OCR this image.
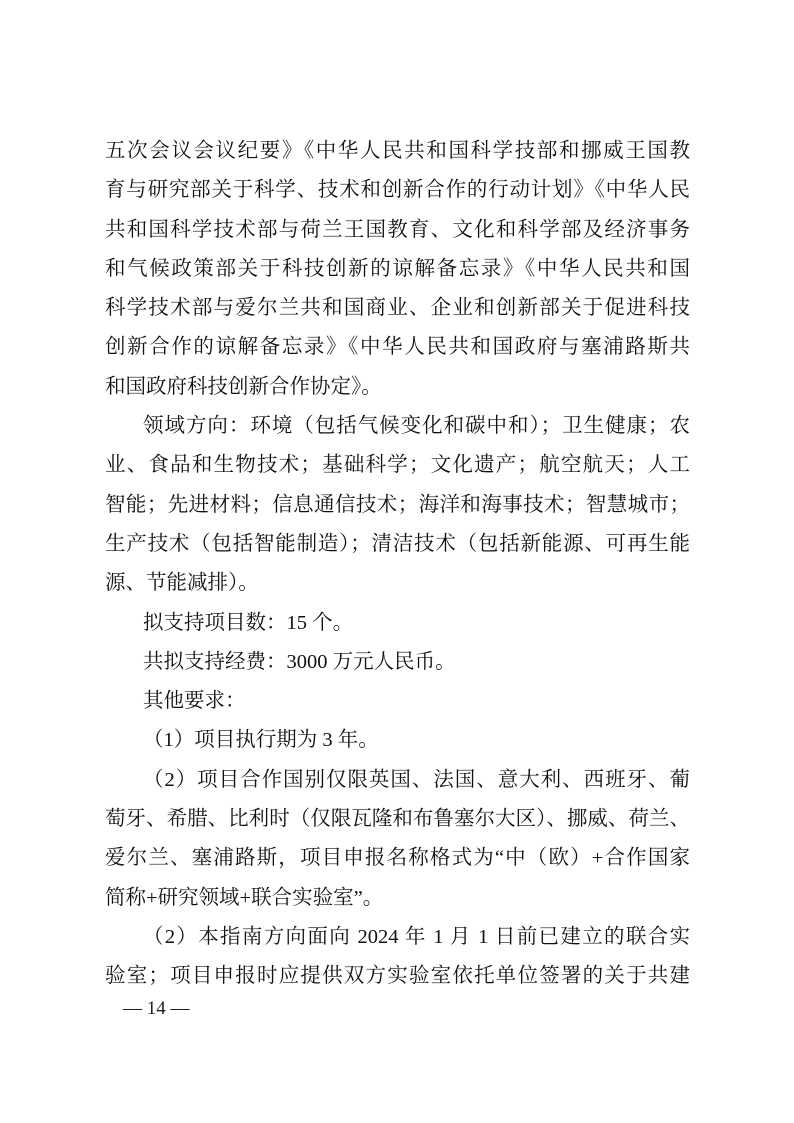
五次会议会议纪要》《中华人民共和国科学技部和挪威王国教
育与研究部关于科学、技术和创新合作的行动计划》《中华人民
共和国科学技术部与荷兰王国教育、文化和科学部及经济事务
和气候政策部关于科技创新的谅解备忘录》《中华人民共和国
科学技术部与爱尔兰共和国商业、企业和创新部关于促进科技
创新合作的谅解备忘录》《中华人民共和国政府与塞浦路斯共
和国政府科技创新合作协定》。
领域方向：环境（包括气候变化和碳中和）；卫生健康；农
业、食品和生物技术；基础科学；文化遗产；航空航天；人工
智能；先进材料；信息通信技术；海洋和海事技术；智慧城市；
生产技术（包括智能制造）；清洁技术（包括新能源、可再生能
源、节能减排）。
拟支持项目数：15 个。
共拟支持经费：3000 万元人民币。
其他要求：
（1）项目执行期为 3 年。
（2）项目合作国别仅限英国、法国、意大利、西班牙、葡
萄牙、希腊、比利时（仅限瓦隆和布鲁塞尔大区）、挪威、荷兰、
爱尔兰、塞浦路斯，项目申报名称格式为“中（欧）+合作国家
简称+研究领域+联合实验室”。
（2）本指南方向面向 2024 年 1 月 1 日前已建立的联合实
验室；项目申报时应提供双方实验室依托单位签署的关于共建
— 14 —
